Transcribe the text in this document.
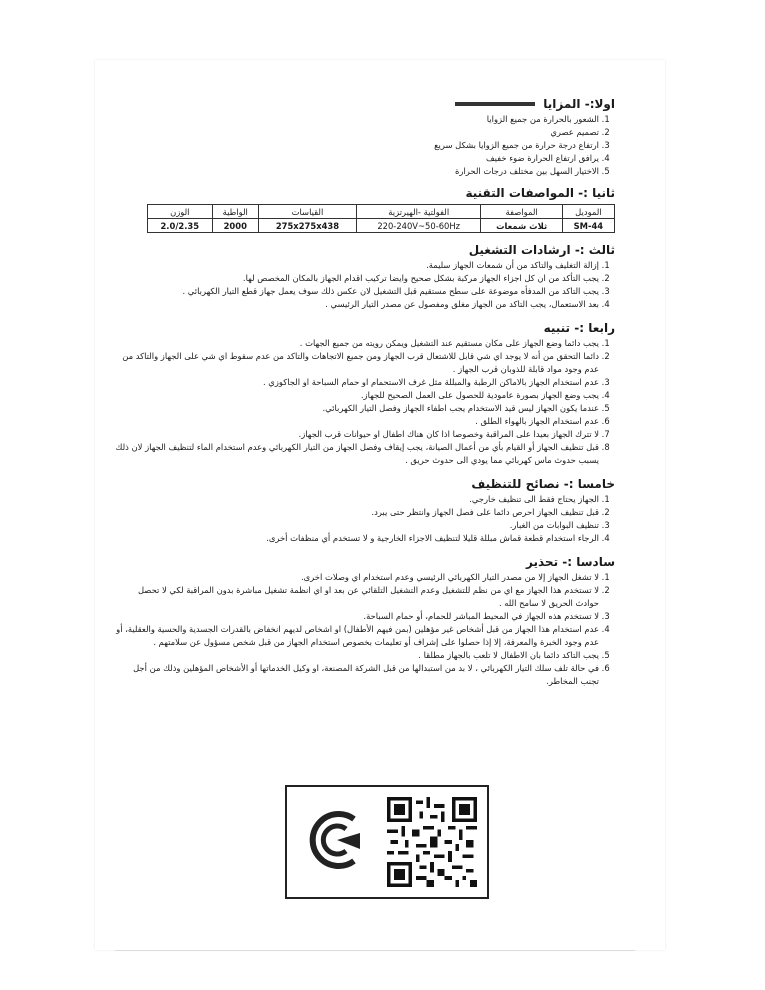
اولا:- المزايا
1. الشعور بالحرارة من جميع الزوايا
2. تصميم عصري
3. ارتفاع درجة حرارة من جميع الزوايا بشكل سريع
4. يرافق ارتفاع الحرارة ضوء خفيف
5. الاختيار السهل بين مختلف درجات الحرارة
ثانيا :- المواصفات التقنية
الموديل	المواصفة	الفولتية -الهيرتزية	القياسات	الواطية	الوزن
SM-44	ثلاث شمعات	220-240V~50-60Hz	275x275x438	2000	2.0/2.35
ثالث :- ارشادات التشغيل
1. إزالة التغليف والتاكد من أن شمعات الجهاز سليمة.
2. يجب التأكد من ان كل اجزاء الجهاز مركبة بشكل صحيح وايضا تركيب اقدام الجهاز بالمكان المخصص لها.
3. يجب التاكد من المدفأه موضوعة على سطح مستقيم قبل التشغيل لان عكس ذلك سوف يعمل جهاز قطع التيار الكهربائي .
4. بعد الاستعمال، يجب التاكد من الجهاز مغلق ومفصول عن مصدر التيار الرئيسي .
رابعا :- تنبيه
1. يجب دائما وضع الجهاز على مكان مستقيم عند التشغيل ويمكن رويته من جميع الجهات .
2. دائما التحقق من أنه لا يوجد اي شي قابل للاشتعال قرب الجهاز ومن جميع الاتجاهات والتاكد من عدم سقوط اي شي على الجهاز والتاكد من عدم وجود مواد قابلة للذوبان قرب الجهاز .
3. عدم استخدام الجهاز بالاماكن الرطبة والمبللة مثل غرف الاستحمام او حمام السباحة او الجاكوزي .
4. يجب وضع الجهاز بصورة عامودية للحصول على العمل الصحيح للجهاز.
5. عندما يكون الجهاز ليس قيد الاستخدام يجب اطفاء الجهاز وفصل التيار الكهربائي.
6. عدم استخدام الجهاز بالهواء الطلق .
7. لا تترك الجهاز بعيدا على المراقبة وخصوصا اذا كان هناك اطفال او حيوانات قرب الجهاز.
8. قبل تنظيف الجهاز أو القيام بأي من أعمال الصيانة، يجب إيقاف وفصل الجهاز من التيار الكهربائي وعدم استخدام الماء لتنظيف الجهاز لان ذلك يسبب حدوث ماس كهربائي مما يودي الى حدوث حريق .
خامسا :- نصائح للتنظيف
1. الجهاز يحتاج فقط الى تنظيف خارجي.
2. قبل تنظيف الجهاز احرص دائما على فصل الجهاز وانتظر حتى يبرد.
3. تنظيف البوابات من الغبار.
4. الرجاء استخدام قطعة قماش مبللة قليلا لتنظيف الاجزاء الخارجية و لا تستخدم أي منظفات أخرى.
سادسا :- تحذير
1. لا تشغل الجهاز إلا من مصدر التيار الكهربائي الرئيسي وعدم استخدام اي وصلات اخرى.
2. لا تستخدم هذا الجهاز مع اي من نظم للتشغيل وعدم التشغيل التلقائي عن بعد او اي انظمة تشغيل مباشرة بدون المراقبة لكي لا تحصل حوادث الحريق لا سامح الله .
3. لا تستخدم هذه الجهاز في المحيط المباشر للحمام، أو حمام السباحة.
4. عدم استخدام هذا الجهاز من قبل أشخاص غير مؤهلين (بمن فيهم الأطفال) او اشخاص لديهم انخفاض بالقدرات الجسدية والحسية والعقلية، أو عدم وجود الخبرة والمعرفة، إلا إذا حصلوا على إشراف أو تعليمات بخصوص استخدام الجهاز من قبل شخص مسؤول عن سلامتهم .
5. يجب التاكد دائما بان الاطفال لا تلعب بالجهاز مطلقا .
6. في حالة تلف سلك التيار الكهربائي ، لا بد من استبدالها من قبل الشركة المصنعة، او وكيل الخدماتها أو الأشخاص المؤهلين وذلك من أجل تجنب المخاطر.
